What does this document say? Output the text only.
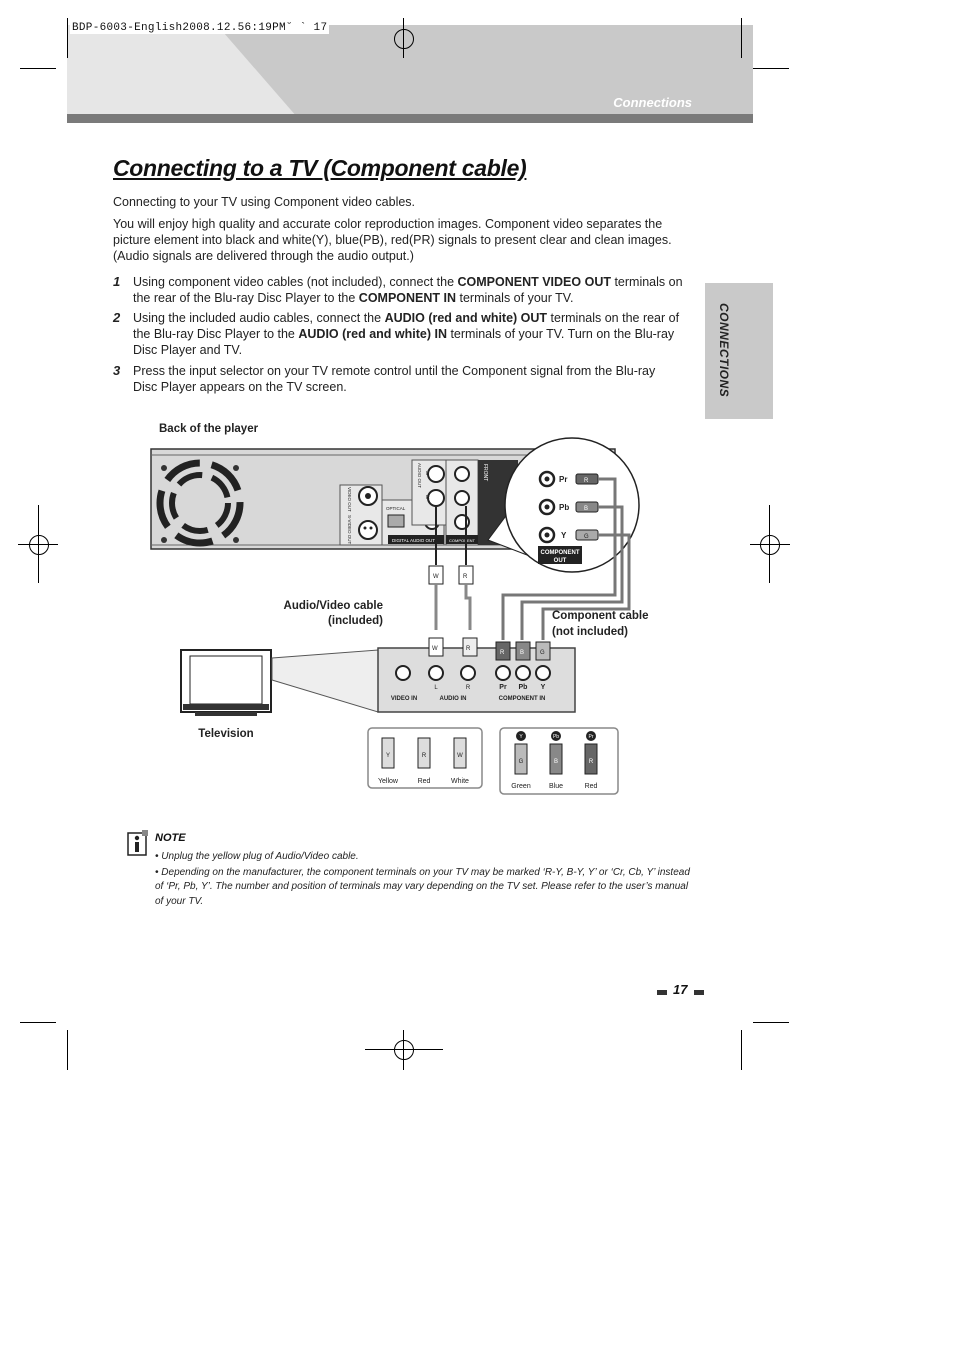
BDP-6003-English2008.12.56:19PM˘ ` 17
Connections
CONNECTIONS
Connecting to a TV (Component cable)
Connecting to your TV using Component video cables.
You will enjoy high quality and accurate color reproduction images. Component video separates the picture element into black and white(Y), blue(PB), red(PR) signals to present clear and clean images. (Audio signals are delivered through the audio output.)
1 Using component video cables (not included), connect the COMPONENT VIDEO OUT terminals on the rear of the Blu-ray Disc Player to the COMPONENT IN terminals of your TV.
2 Using the included audio cables, connect the AUDIO (red and white) OUT terminals on the rear of the Blu-ray Disc Player to the AUDIO (red and white) IN terminals of your TV. Turn on the Blu-ray Disc Player and TV.
3 Press the input selector on your TV remote control until the Component signal from the Blu-ray Disc Player appears on the TV screen.
Back of the player
VIDEO OUT
S-VIDEO OUT
OPTICAL
DIGITAL AUDIO OUT
AUDIO OUT L
R
COMPONENT
FRONT	Pr
Pb
Y
R
B
G
COMPONENT
OUT
W	R
Audio/Video cable
(included)	Component cable
(not included)
Television
W	R
R	B	G
L	R	Pr Pb Y
VIDEO IN	AUDIO IN	COMPONENT IN
Y	R	W
Yellow	Red	White
Y	Pb	Pr
G	B	R
Green	Blue	Red
NOTE
• Unplug the yellow plug of Audio/Video cable.
• Depending on the manufacturer, the component terminals on your TV may be marked ‘R-Y, B-Y, Y’ or ‘Cr, Cb, Y’ instead of ‘Pr, Pb, Y’. The number and position of terminals may vary depending on the TV set. Please refer to the user’s manual of your TV.
17
